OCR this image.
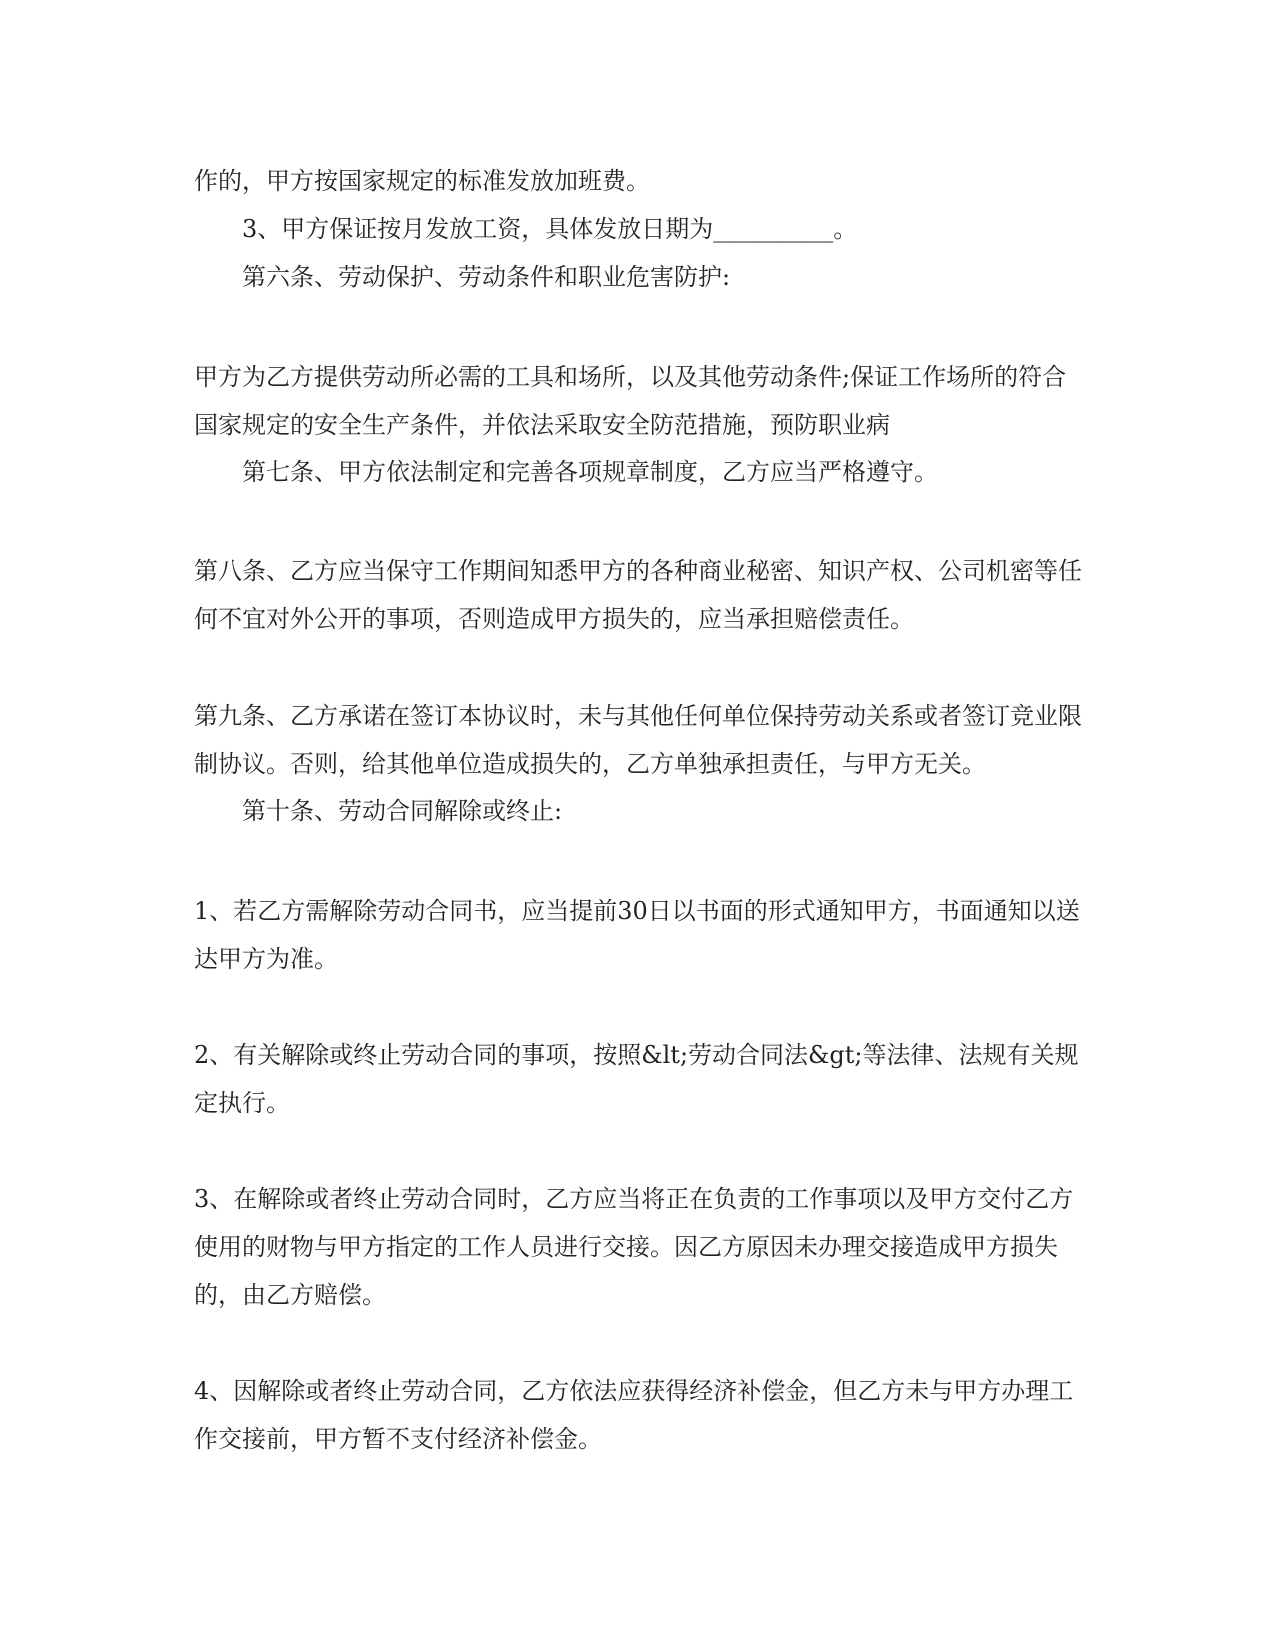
作的，甲方按国家规定的标准发放加班费。

3、甲方保证按月发放工资，具体发放日期为__________。

第六条、劳动保护、劳动条件和职业危害防护:

甲方为乙方提供劳动所必需的工具和场所，以及其他劳动条件;保证工作场所的符合国家规定的安全生产条件，并依法采取安全防范措施，预防职业病

第七条、甲方依法制定和完善各项规章制度，乙方应当严格遵守。

第八条、乙方应当保守工作期间知悉甲方的各种商业秘密、知识产权、公司机密等任何不宜对外公开的事项，否则造成甲方损失的，应当承担赔偿责任。

第九条、乙方承诺在签订本协议时，未与其他任何单位保持劳动关系或者签订竞业限制协议。否则，给其他单位造成损失的，乙方单独承担责任，与甲方无关。

第十条、劳动合同解除或终止:

1、若乙方需解除劳动合同书，应当提前30日以书面的形式通知甲方，书面通知以送达甲方为准。

2、有关解除或终止劳动合同的事项，按照&lt;劳动合同法&gt;等法律、法规有关规定执行。

3、在解除或者终止劳动合同时，乙方应当将正在负责的工作事项以及甲方交付乙方使用的财物与甲方指定的工作人员进行交接。因乙方原因未办理交接造成甲方损失的，由乙方赔偿。

4、因解除或者终止劳动合同，乙方依法应获得经济补偿金，但乙方未与甲方办理工作交接前，甲方暂不支付经济补偿金。
